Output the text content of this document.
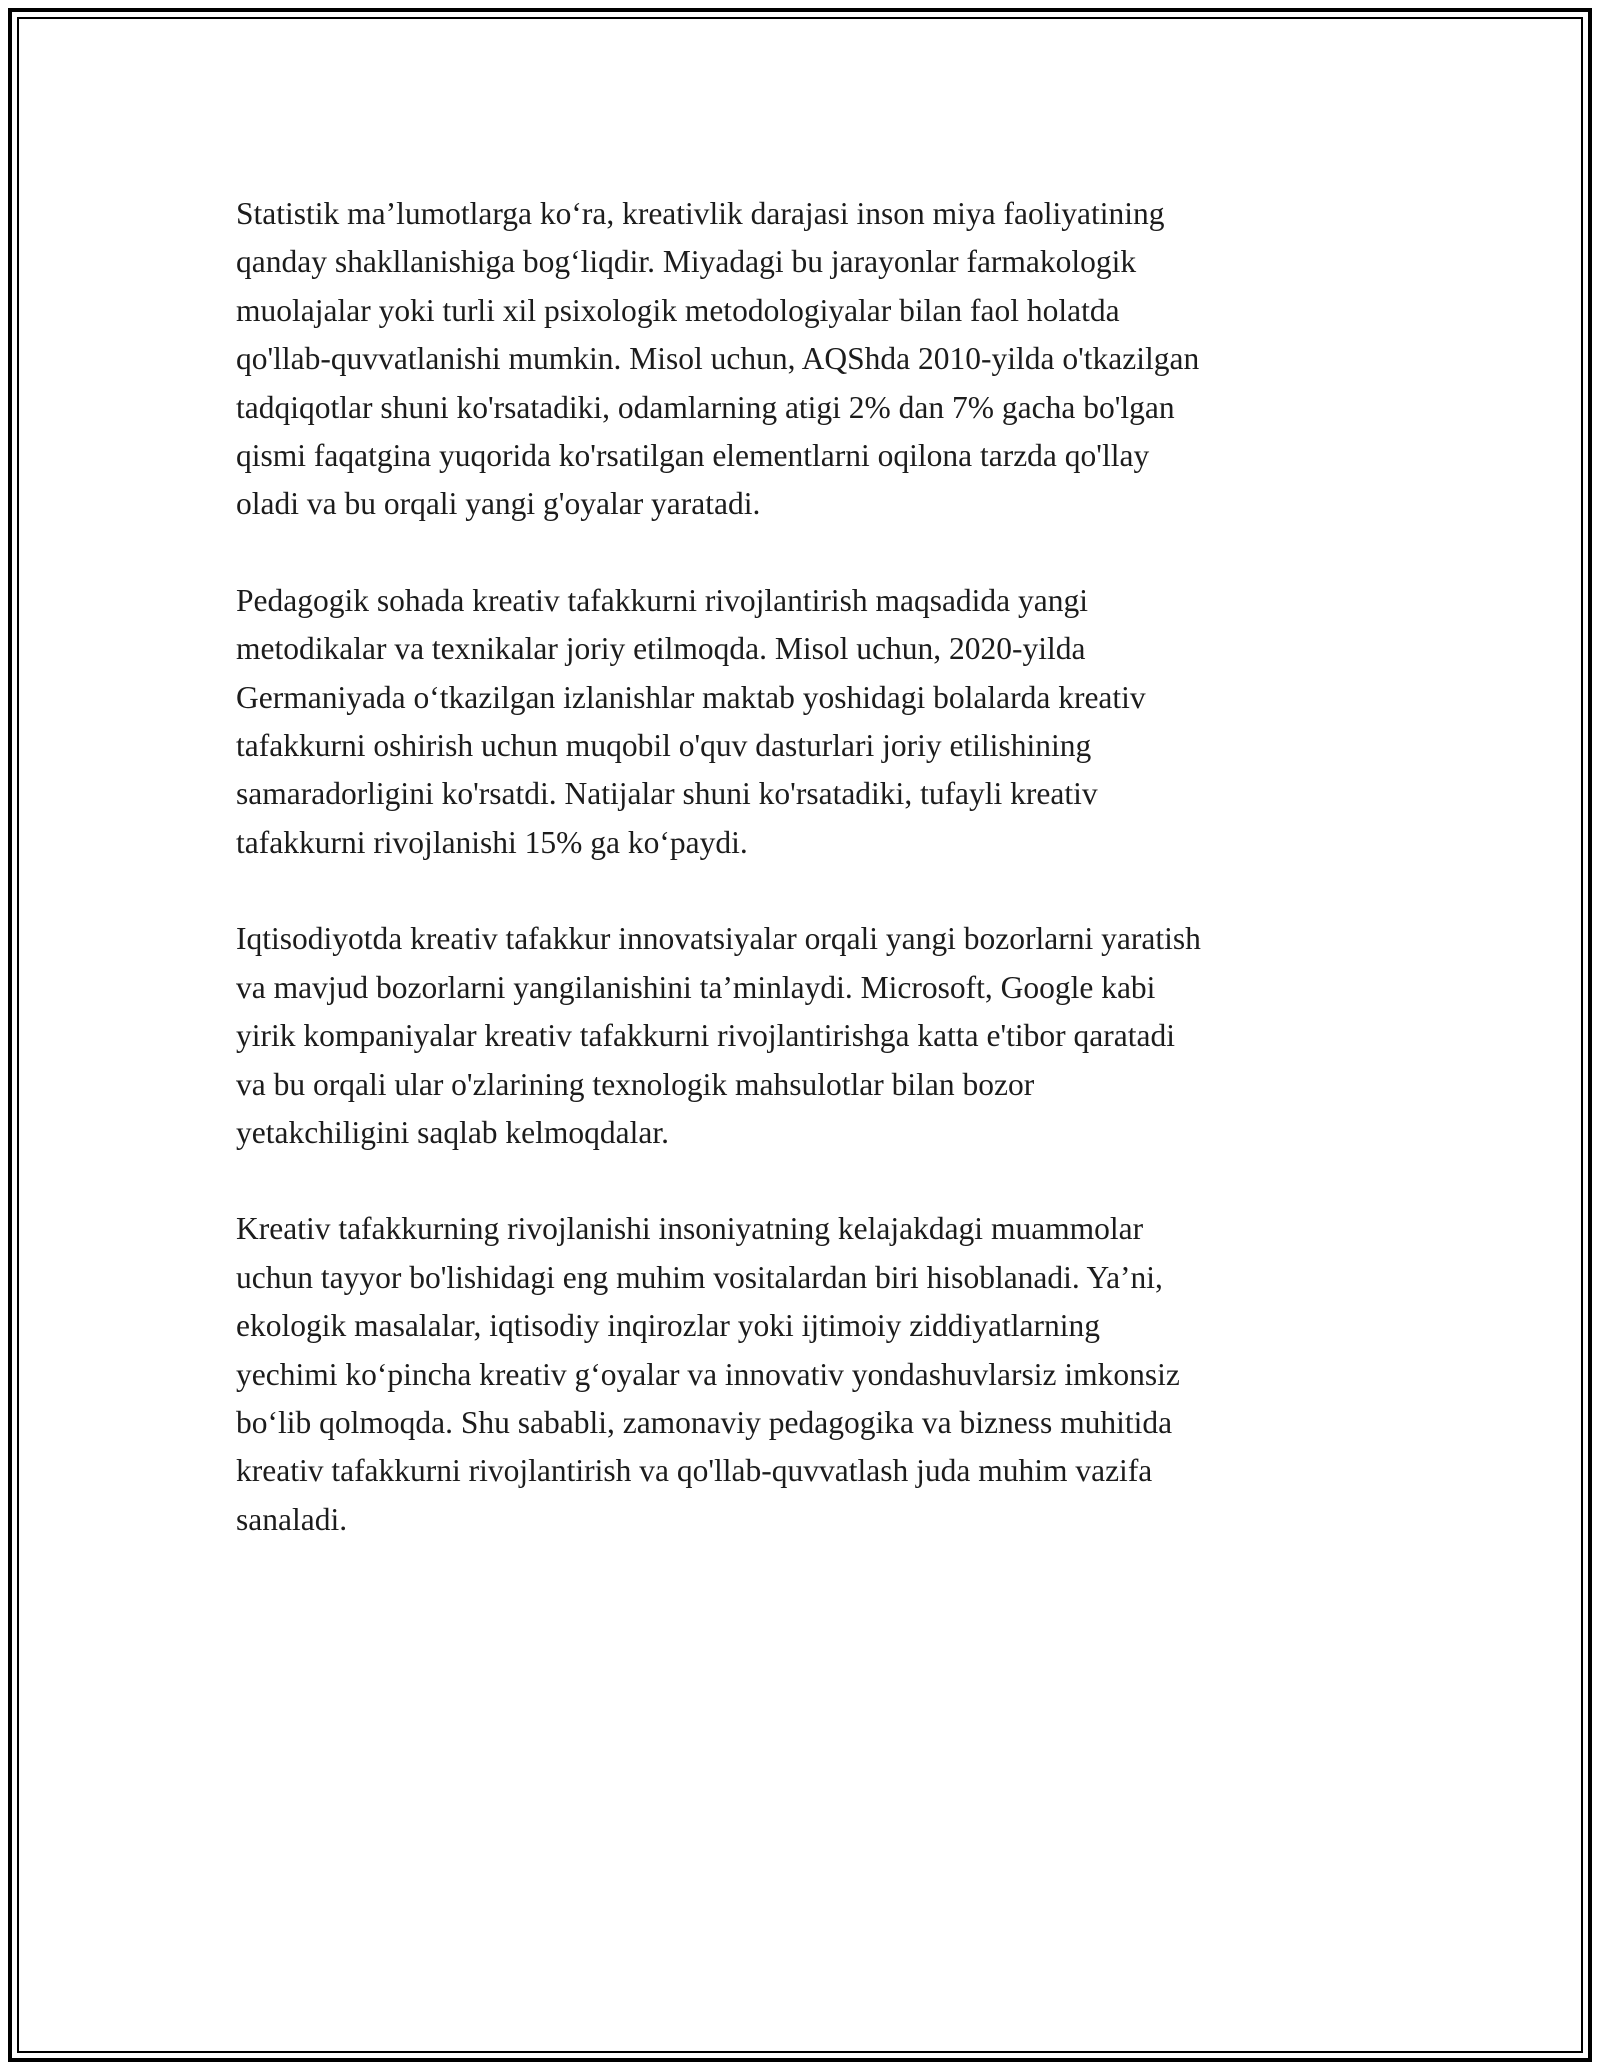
Statistik ma’lumotlarga ko‘ra, kreativlik darajasi inson miya faoliyatining
qanday shakllanishiga bog‘liqdir. Miyadagi bu jarayonlar farmakologik
muolajalar yoki turli xil psixologik metodologiyalar bilan faol holatda
qo'llab-quvvatlanishi mumkin. Misol uchun, AQShda 2010-yilda o'tkazilgan
tadqiqotlar shuni ko'rsatadiki, odamlarning atigi 2% dan 7% gacha bo'lgan
qismi faqatgina yuqorida ko'rsatilgan elementlarni oqilona tarzda qo'llay
oladi va bu orqali yangi g'oyalar yaratadi.

Pedagogik sohada kreativ tafakkurni rivojlantirish maqsadida yangi
metodikalar va texnikalar joriy etilmoqda. Misol uchun, 2020-yilda
Germaniyada o‘tkazilgan izlanishlar maktab yoshidagi bolalarda kreativ
tafakkurni oshirish uchun muqobil o'quv dasturlari joriy etilishining
samaradorligini ko'rsatdi. Natijalar shuni ko'rsatadiki, tufayli kreativ
tafakkurni rivojlanishi 15% ga ko‘paydi.

Iqtisodiyotda kreativ tafakkur innovatsiyalar orqali yangi bozorlarni yaratish
va mavjud bozorlarni yangilanishini ta’minlaydi. Microsoft, Google kabi
yirik kompaniyalar kreativ tafakkurni rivojlantirishga katta e'tibor qaratadi
va bu orqali ular o'zlarining texnologik mahsulotlar bilan bozor
yetakchiligini saqlab kelmoqdalar.

Kreativ tafakkurning rivojlanishi insoniyatning kelajakdagi muammolar
uchun tayyor bo'lishidagi eng muhim vositalardan biri hisoblanadi. Ya’ni,
ekologik masalalar, iqtisodiy inqirozlar yoki ijtimoiy ziddiyatlarning
yechimi ko‘pincha kreativ g‘oyalar va innovativ yondashuvlarsiz imkonsiz
bo‘lib qolmoqda. Shu sababli, zamonaviy pedagogika va bizness muhitida
kreativ tafakkurni rivojlantirish va qo'llab-quvvatlash juda muhim vazifa
sanaladi.
